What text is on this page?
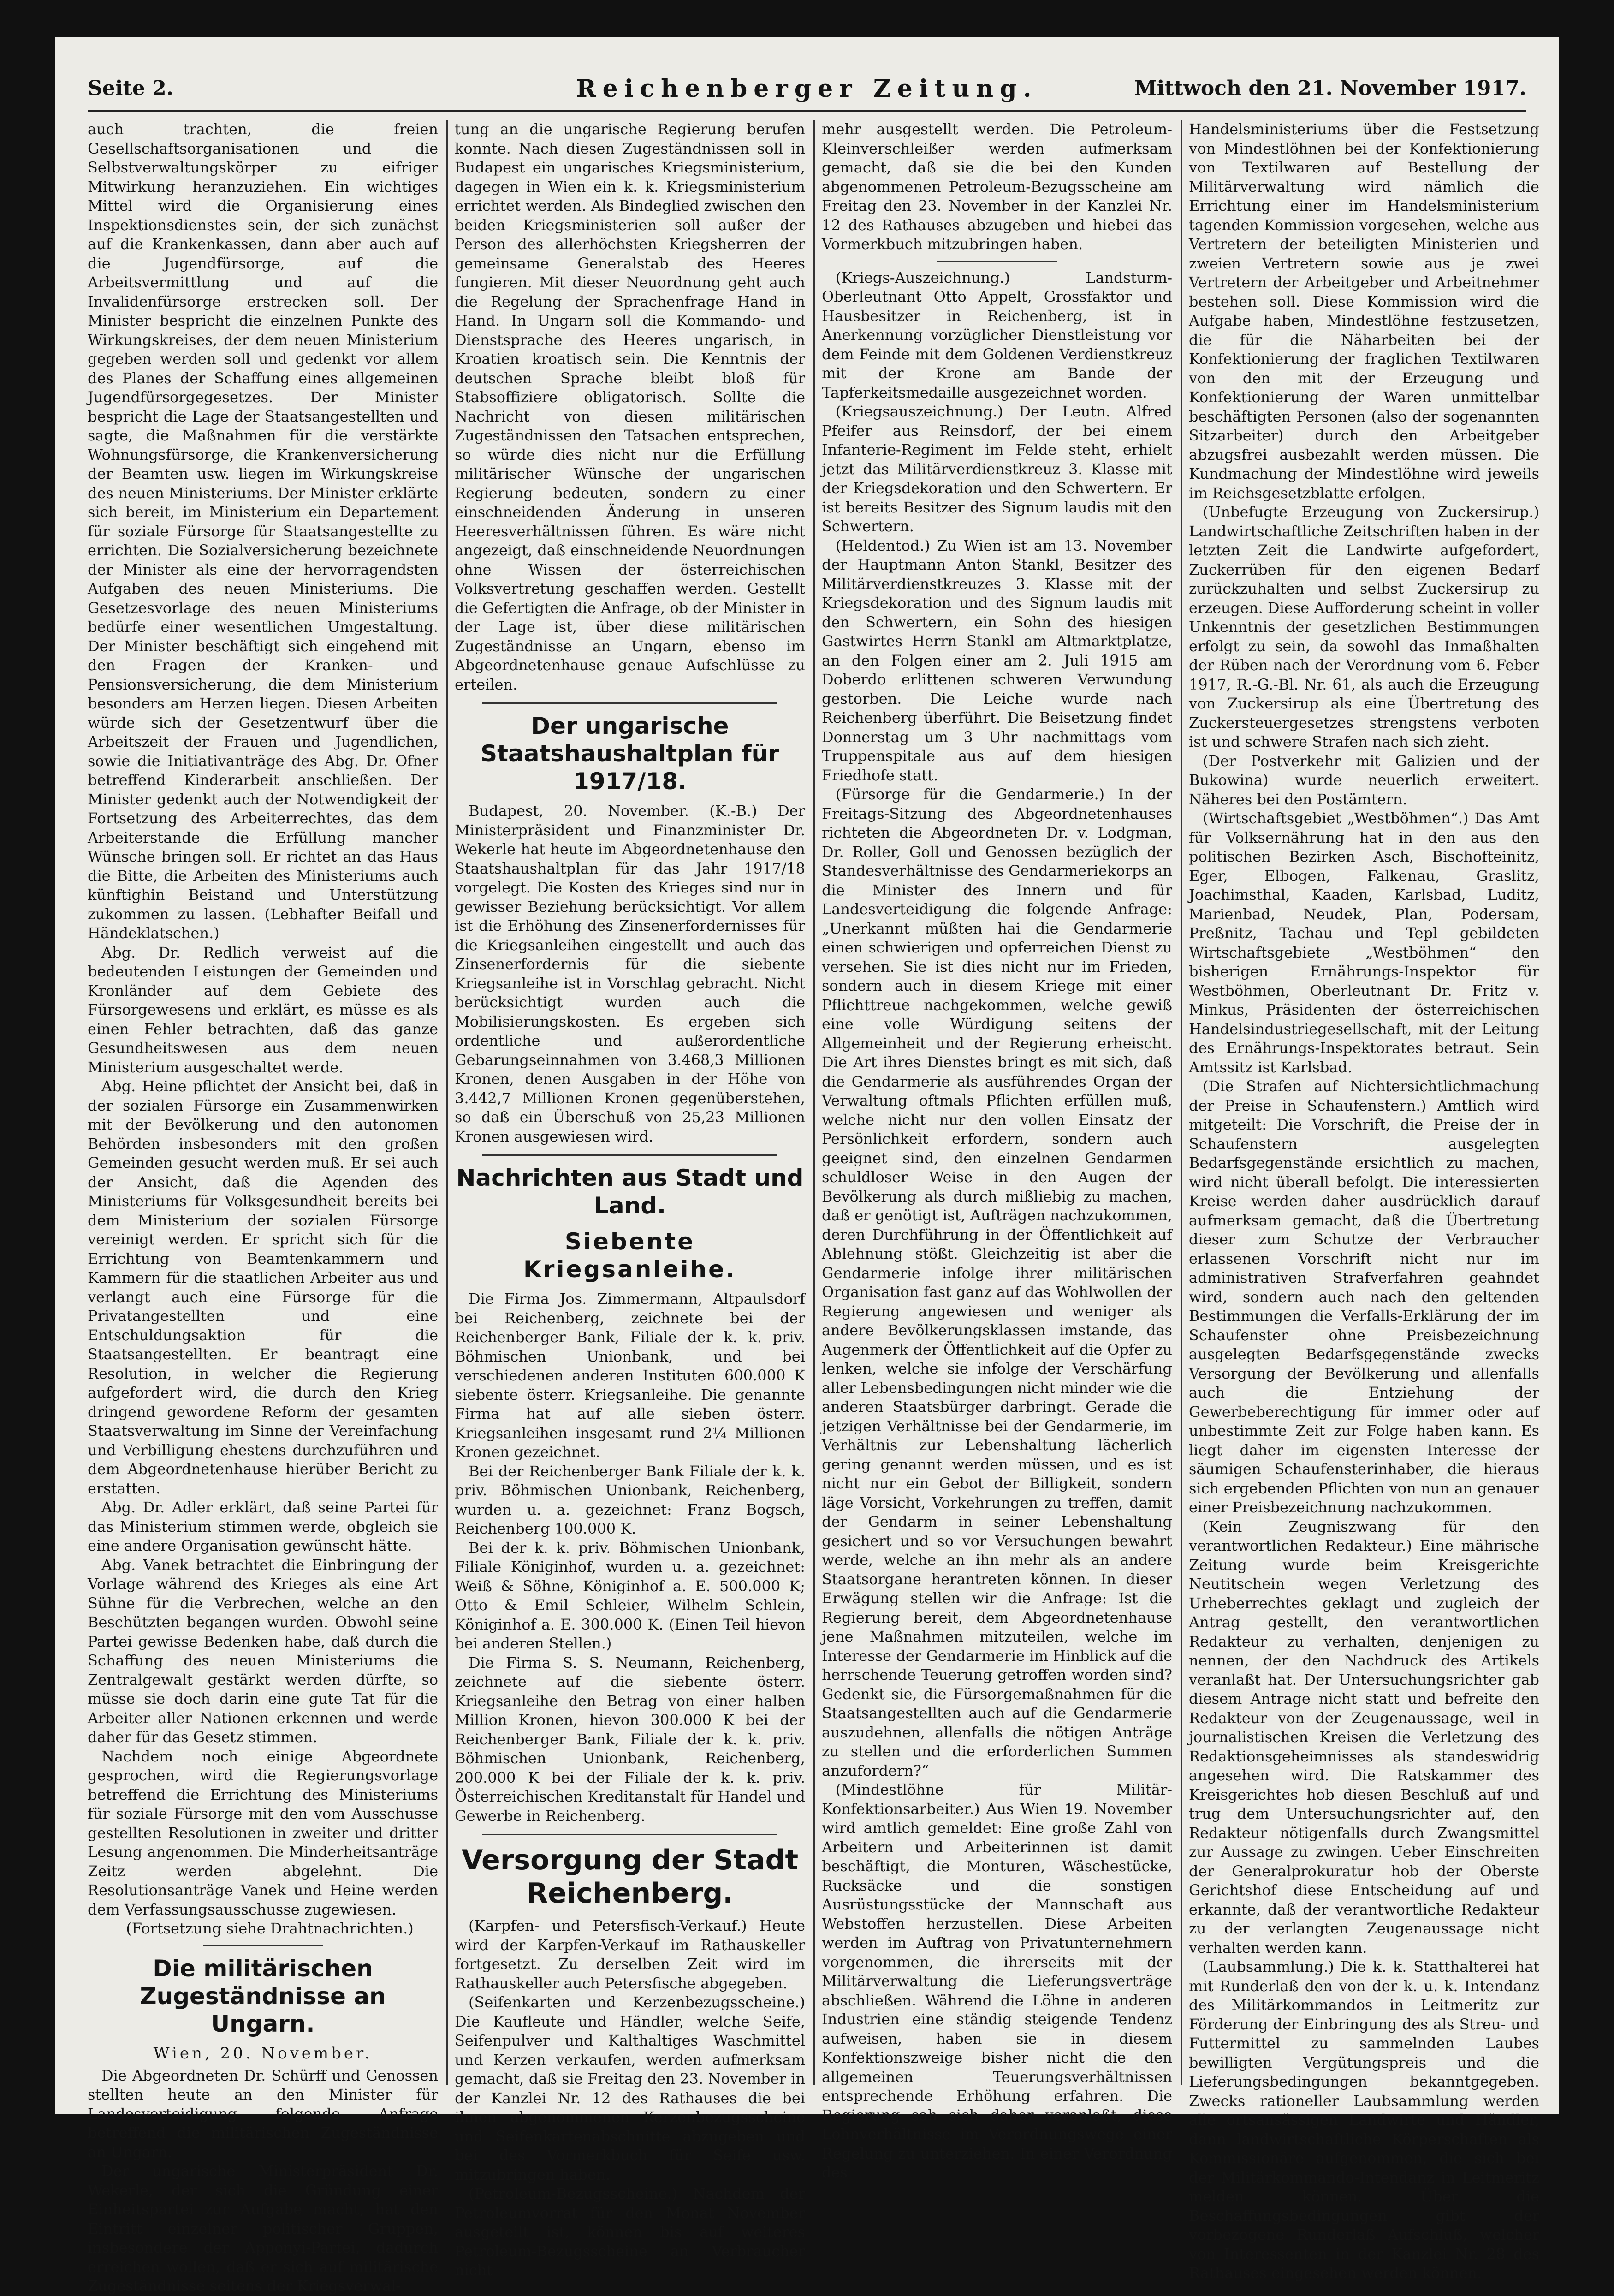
Seite 2.	Reichenberger Zeitung.	Mittwoch den 21. November 1917.

auch trachten, die freien Gesellschaftsorganisationen und die Selbstverwaltungskörper zu eifriger Mitwirkung heranzuziehen. Ein wichtiges Mittel wird die Organisierung eines Inspektionsdienstes sein, der sich zunächst auf die Krankenkassen, dann aber auch auf die Jugendfürsorge, auf die Arbeitsvermittlung und auf die Invalidenfürsorge erstrecken soll. Der Minister bespricht die einzelnen Punkte des Wirkungskreises, der dem neuen Ministerium gegeben werden soll und gedenkt vor allem des Planes der Schaffung eines allgemeinen Jugendfürsorgegesetzes. Der Minister bespricht die Lage der Staatsangestellten und sagte, die Maßnahmen für die verstärkte Wohnungsfürsorge, die Krankenversicherung der Beamten usw. liegen im Wirkungskreise des neuen Ministeriums. Der Minister erklärte sich bereit, im Ministerium ein Departement für soziale Fürsorge für Staatsangestellte zu errichten. Die Sozialversicherung bezeichnete der Minister als eine der hervorragendsten Aufgaben des neuen Ministeriums. Die Gesetzesvorlage des neuen Ministeriums bedürfe einer wesentlichen Umgestaltung. Der Minister beschäftigt sich eingehend mit den Fragen der Kranken- und Pensionsversicherung, die dem Ministerium besonders am Herzen liegen. Diesen Arbeiten würde sich der Gesetzentwurf über die Arbeitszeit der Frauen und Jugendlichen, sowie die Initiativanträge des Abg. Dr. Ofner betreffend Kinderarbeit anschließen. Der Minister gedenkt auch der Notwendigkeit der Fortsetzung des Arbeiterrechtes, das dem Arbeiterstande die Erfüllung mancher Wünsche bringen soll. Er richtet an das Haus die Bitte, die Arbeiten des Ministeriums auch künftighin Beistand und Unterstützung zukommen zu lassen. (Lebhafter Beifall und Händeklatschen.)

Abg. Dr. Redlich verweist auf die bedeutenden Leistungen der Gemeinden und Kronländer auf dem Gebiete des Fürsorgewesens und erklärt, es müsse es als einen Fehler betrachten, daß das ganze Gesundheitswesen aus dem neuen Ministerium ausgeschaltet werde.

Abg. Heine pflichtet der Ansicht bei, daß in der sozialen Fürsorge ein Zusammenwirken mit der Bevölkerung und den autonomen Behörden insbesonders mit den großen Gemeinden gesucht werden muß. Er sei auch der Ansicht, daß die Agenden des Ministeriums für Volksgesundheit bereits bei dem Ministerium der sozialen Fürsorge vereinigt werden. Er spricht sich für die Errichtung von Beamtenkammern und Kammern für die staatlichen Arbeiter aus und verlangt auch eine Fürsorge für die Privatangestellten und eine Entschuldungsaktion für die Staatsangestellten. Er beantragt eine Resolution, in welcher die Regierung aufgefordert wird, die durch den Krieg dringend gewordene Reform der gesamten Staatsverwaltung im Sinne der Vereinfachung und Verbilligung ehestens durchzuführen und dem Abgeordnetenhause hierüber Bericht zu erstatten.

Abg. Dr. Adler erklärt, daß seine Partei für das Ministerium stimmen werde, obgleich sie eine andere Organisation gewünscht hätte.

Abg. Vanek betrachtet die Einbringung der Vorlage während des Krieges als eine Art Sühne für die Verbrechen, welche an den Beschützten begangen wurden. Obwohl seine Partei gewisse Bedenken habe, daß durch die Schaffung des neuen Ministeriums die Zentralgewalt gestärkt werden dürfte, so müsse sie doch darin eine gute Tat für die Arbeiter aller Nationen erkennen und werde daher für das Gesetz stimmen.

Nachdem noch einige Abgeordnete gesprochen, wird die Regierungsvorlage betreffend die Errichtung des Ministeriums für soziale Fürsorge mit den vom Ausschusse gestellten Resolutionen in zweiter und dritter Lesung angenommen. Die Minderheitsanträge Zeitz werden abgelehnt. Die Resolutionsanträge Vanek und Heine werden dem Verfassungsausschusse zugewiesen.

(Fortsetzung siehe Drahtnachrichten.)

Die militärischen Zugeständnisse an Ungarn.
Wien, 20. November.

Die Abgeordneten Dr. Schürff und Genossen stellten heute an den Minister für Landesverteidigung folgende Anfrage betreffend die militärischen Zugeständnisse an Ungarn.

Der ungarische Ministerpräsident Dr. Wekerle, der sich die Gründung einer Einheitspartei zur Aufgabe macht, hat den Eintritt einzelner politischer Gruppen, insbesondere der Apponyi-Partei, dadurch erreichen wollen, daß er sich auf militärische Zugeständnisse seitens der Kriegsverwal-

tung an die ungarische Regierung berufen konnte. Nach diesen Zugeständnissen soll in Budapest ein ungarisches Kriegsministerium, dagegen in Wien ein k. k. Kriegsministerium errichtet werden. Als Bindeglied zwischen den beiden Kriegsministerien soll außer der Person des allerhöchsten Kriegsherren der gemeinsame Generalstab des Heeres fungieren. Mit dieser Neuordnung geht auch die Regelung der Sprachenfrage Hand in Hand. In Ungarn soll die Kommando- und Dienstsprache des Heeres ungarisch, in Kroatien kroatisch sein. Die Kenntnis der deutschen Sprache bleibt bloß für Stabsoffiziere obligatorisch. Sollte die Nachricht von diesen militärischen Zugeständnissen den Tatsachen entsprechen, so würde dies nicht nur die Erfüllung militärischer Wünsche der ungarischen Regierung bedeuten, sondern zu einer einschneidenden Änderung in unseren Heeresverhältnissen führen. Es wäre nicht angezeigt, daß einschneidende Neuordnungen ohne Wissen der österreichischen Volksvertretung geschaffen werden. Gestellt die Gefertigten die Anfrage, ob der Minister in der Lage ist, über diese militärischen Zugeständnisse an Ungarn, ebenso im Abgeordnetenhause genaue Aufschlüsse zu erteilen.

Der ungarische Staatshaushaltplan für 1917/18.

Budapest, 20. November. (K.-B.) Der Ministerpräsident und Finanzminister Dr. Wekerle hat heute im Abgeordnetenhause den Staatshaushaltplan für das Jahr 1917/18 vorgelegt. Die Kosten des Krieges sind nur in gewisser Beziehung berücksichtigt. Vor allem ist die Erhöhung des Zinsenerfordernisses für die Kriegsanleihen eingestellt und auch das Zinsenerfordernis für die siebente Kriegsanleihe ist in Vorschlag gebracht. Nicht berücksichtigt wurden auch die Mobilisierungskosten. Es ergeben sich ordentliche und außerordentliche Gebarungseinnahmen von 3.468,3 Millionen Kronen, denen Ausgaben in der Höhe von 3.442,7 Millionen Kronen gegenüberstehen, so daß ein Überschuß von 25,23 Millionen Kronen ausgewiesen wird.

Nachrichten aus Stadt und Land.
Siebente Kriegsanleihe.

Die Firma Jos. Zimmermann, Altpaulsdorf bei Reichenberg, zeichnete bei der Reichenberger Bank, Filiale der k. k. priv. Böhmischen Unionbank, und bei verschiedenen anderen Instituten 600.000 K siebente österr. Kriegsanleihe. Die genannte Firma hat auf alle sieben österr. Kriegsanleihen insgesamt rund 2¼ Millionen Kronen gezeichnet.

Bei der Reichenberger Bank Filiale der k. k. priv. Böhmischen Unionbank, Reichenberg, wurden u. a. gezeichnet: Franz Bogsch, Reichenberg 100.000 K.

Bei der k. k. priv. Böhmischen Unionbank, Filiale Königinhof, wurden u. a. gezeichnet: Weiß & Söhne, Königinhof a. E. 500.000 K; Otto & Emil Schleier, Wilhelm Schlein, Königinhof a. E. 300.000 K. (Einen Teil hievon bei anderen Stellen.)

Die Firma S. S. Neumann, Reichenberg, zeichnete auf die siebente österr. Kriegsanleihe den Betrag von einer halben Million Kronen, hievon 300.000 K bei der Reichenberger Bank, Filiale der k. k. priv. Böhmischen Unionbank, Reichenberg, 200.000 K bei der Filiale der k. k. priv. Österreichischen Kreditanstalt für Handel und Gewerbe in Reichenberg.

Versorgung der Stadt Reichenberg.

(Karpfen- und Petersfisch-Verkauf.) Heute wird der Karpfen-Verkauf im Rathauskeller fortgesetzt. Zu derselben Zeit wird im Rathauskeller auch Petersfische abgegeben.

(Seifenkarten und Kerzenbezugsscheine.) Die Kaufleute und Händler, welche Seife, Seifenpulver und Kalthaltiges Waschmittel und Kerzen verkaufen, werden aufmerksam gemacht, daß sie Freitag den 23. November in der Kanzlei Nr. 12 des Rathauses die bei ihnen abgenommenen Kerzenbezugsscheine und Seifenkartenabschnitte abzugeben und bei des Vormerkbuch für Seife usw. mitzubringen haben.

(Petroleum-Bezugsscheine.) Nachdem der Petroleumvorrat für den Monat November ausgeteilt ist, können bis auf weiteres Petroleum-Bezugsscheine an Verbraucher nicht

mehr ausgestellt werden. Die Petroleum-Kleinverschleißer werden aufmerksam gemacht, daß sie die bei den Kunden abgenommenen Petroleum-Bezugsscheine am Freitag den 23. November in der Kanzlei Nr. 12 des Rathauses abzugeben und hiebei das Vormerkbuch mitzubringen haben.

(Kriegs-Auszeichnung.) Landsturm-Oberleutnant Otto Appelt, Grossfaktor und Hausbesitzer in Reichenberg, ist in Anerkennung vorzüglicher Dienstleistung vor dem Feinde mit dem Goldenen Verdienstkreuz mit der Krone am Bande der Tapferkeitsmedaille ausgezeichnet worden.

(Kriegsauszeichnung.) Der Leutn. Alfred Pfeifer aus Reinsdorf, der bei einem Infanterie-Regiment im Felde steht, erhielt jetzt das Militärverdienstkreuz 3. Klasse mit der Kriegsdekoration und den Schwertern. Er ist bereits Besitzer des Signum laudis mit den Schwertern.

(Heldentod.) Zu Wien ist am 13. November der Hauptmann Anton Stankl, Besitzer des Militärverdienstkreuzes 3. Klasse mit der Kriegsdekoration und des Signum laudis mit den Schwertern, ein Sohn des hiesigen Gastwirtes Herrn Stankl am Altmarktplatze, an den Folgen einer am 2. Juli 1915 am Doberdo erlittenen schweren Verwundung gestorben. Die Leiche wurde nach Reichenberg überführt. Die Beisetzung findet Donnerstag um 3 Uhr nachmittags vom Truppenspitale aus auf dem hiesigen Friedhofe statt.

(Fürsorge für die Gendarmerie.) In der Freitags-Sitzung des Abgeordnetenhauses richteten die Abgeordneten Dr. v. Lodgman, Dr. Roller, Goll und Genossen bezüglich der Standesverhältnisse des Gendarmeriekorps an die Minister des Innern und für Landesverteidigung die folgende Anfrage: „Unerkannt müßten hai die Gendarmerie einen schwierigen und opferreichen Dienst zu versehen. Sie ist dies nicht nur im Frieden, sondern auch in diesem Kriege mit einer Pflichttreue nachgekommen, welche gewiß eine volle Würdigung seitens der Allgemeinheit und der Regierung erheischt. Die Art ihres Dienstes bringt es mit sich, daß die Gendarmerie als ausführendes Organ der Verwaltung oftmals Pflichten erfüllen muß, welche nicht nur den vollen Einsatz der Persönlichkeit erfordern, sondern auch geeignet sind, den einzelnen Gendarmen schuldloser Weise in den Augen der Bevölkerung als durch mißliebig zu machen, daß er genötigt ist, Aufträgen nachzukommen, deren Durchführung in der Öffentlichkeit auf Ablehnung stößt. Gleichzeitig ist aber die Gendarmerie infolge ihrer militärischen Organisation fast ganz auf das Wohlwollen der Regierung angewiesen und weniger als andere Bevölkerungsklassen imstande, das Augenmerk der Öffentlichkeit auf die Opfer zu lenken, welche sie infolge der Verschärfung aller Lebensbedingungen nicht minder wie die anderen Staatsbürger darbringt. Gerade die jetzigen Verhältnisse bei der Gendarmerie, im Verhältnis zur Lebenshaltung lächerlich gering genannt werden müssen, und es ist nicht nur ein Gebot der Billigkeit, sondern läge Vorsicht, Vorkehrungen zu treffen, damit der Gendarm in seiner Lebenshaltung gesichert und so vor Versuchungen bewahrt werde, welche an ihn mehr als an andere Staatsorgane herantreten können. In dieser Erwägung stellen wir die Anfrage: Ist die Regierung bereit, dem Abgeordnetenhause jene Maßnahmen mitzuteilen, welche im Interesse der Gendarmerie im Hinblick auf die herrschende Teuerung getroffen worden sind? Gedenkt sie, die Fürsorgemaßnahmen für die Staatsangestellten auch auf die Gendarmerie auszudehnen, allenfalls die nötigen Anträge zu stellen und die erforderlichen Summen anzufordern?“

(Mindestlöhne für Militär-Konfektionsarbeiter.) Aus Wien 19. November wird amtlich gemeldet: Eine große Zahl von Arbeitern und Arbeiterinnen ist damit beschäftigt, die Monturen, Wäschestücke, Rucksäcke und die sonstigen Ausrüstungsstücke der Mannschaft aus Webstoffen herzustellen. Diese Arbeiten werden im Auftrag von Privatunternehmern vorgenommen, die ihrerseits mit der Militärverwaltung die Lieferungsverträge abschließen. Während die Löhne in anderen Industrien eine ständig steigende Tendenz aufweisen, haben sie in diesem Konfektionszweige bisher nicht die den allgemeinen Teuerungsverhältnissen entsprechende Erhöhung erfahren. Die Regierung sah sich daher veranlaßt, diese Lohnverhältnisse im Verordnungswege einer Regelung zu unterziehen. In einer Verordnung des

Handelsministeriums über die Festsetzung von Mindestlöhnen bei der Konfektionierung von Textilwaren auf Bestellung der Militärverwaltung wird nämlich die Errichtung einer im Handelsministerium tagenden Kommission vorgesehen, welche aus Vertretern der beteiligten Ministerien und zweien Vertretern sowie aus je zwei Vertretern der Arbeitgeber und Arbeitnehmer bestehen soll. Diese Kommission wird die Aufgabe haben, Mindestlöhne festzusetzen, die für die Näharbeiten bei der Konfektionierung der fraglichen Textilwaren von den mit der Erzeugung und Konfektionierung der Waren unmittelbar beschäftigten Personen (also der sogenannten Sitzarbeiter) durch den Arbeitgeber abzugsfrei ausbezahlt werden müssen. Die Kundmachung der Mindestlöhne wird jeweils im Reichsgesetzblatte erfolgen.

(Unbefugte Erzeugung von Zuckersirup.) Landwirtschaftliche Zeitschriften haben in der letzten Zeit die Landwirte aufgefordert, Zuckerrüben für den eigenen Bedarf zurückzuhalten und selbst Zuckersirup zu erzeugen. Diese Aufforderung scheint in voller Unkenntnis der gesetzlichen Bestimmungen erfolgt zu sein, da sowohl das Inmaßhalten der Rüben nach der Verordnung vom 6. Feber 1917, R.-G.-Bl. Nr. 61, als auch die Erzeugung von Zuckersirup als eine Übertretung des Zuckersteuergesetzes strengstens verboten ist und schwere Strafen nach sich zieht.

(Der Postverkehr mit Galizien und der Bukowina) wurde neuerlich erweitert. Näheres bei den Postämtern.

(Wirtschaftsgebiet „Westböhmen“.) Das Amt für Volksernährung hat in den aus den politischen Bezirken Asch, Bischofteinitz, Eger, Elbogen, Falkenau, Graslitz, Joachimsthal, Kaaden, Karlsbad, Luditz, Marienbad, Neudek, Plan, Podersam, Preßnitz, Tachau und Tepl gebildeten Wirtschaftsgebiete „Westböhmen“ den bisherigen Ernährungs-Inspektor für Westböhmen, Oberleutnant Dr. Fritz v. Minkus, Präsidenten der österreichischen Handelsindustriegesellschaft, mit der Leitung des Ernährungs-Inspektorates betraut. Sein Amtssitz ist Karlsbad.

(Die Strafen auf Nichtersichtlichmachung der Preise in Schaufenstern.) Amtlich wird mitgeteilt: Die Vorschrift, die Preise der in Schaufenstern ausgelegten Bedarfsgegenstände ersichtlich zu machen, wird nicht überall befolgt. Die interessierten Kreise werden daher ausdrücklich darauf aufmerksam gemacht, daß die Übertretung dieser zum Schutze der Verbraucher erlassenen Vorschrift nicht nur im administrativen Strafverfahren geahndet wird, sondern auch nach den geltenden Bestimmungen die Verfalls-Erklärung der im Schaufenster ohne Preisbezeichnung ausgelegten Bedarfsgegenstände zwecks Versorgung der Bevölkerung und allenfalls auch die Entziehung der Gewerbeberechtigung für immer oder auf unbestimmte Zeit zur Folge haben kann. Es liegt daher im eigensten Interesse der säumigen Schaufensterinhaber, die hieraus sich ergebenden Pflichten von nun an genauer einer Preisbezeichnung nachzukommen.

(Kein Zeugniszwang für den verantwortlichen Redakteur.) Eine mährische Zeitung wurde beim Kreisgerichte Neutitschein wegen Verletzung des Urheberrechtes geklagt und zugleich der Antrag gestellt, den verantwortlichen Redakteur zu verhalten, denjenigen zu nennen, der den Nachdruck des Artikels veranlaßt hat. Der Untersuchungsrichter gab diesem Antrage nicht statt und befreite den Redakteur von der Zeugenaussage, weil in journalistischen Kreisen die Verletzung des Redaktionsgeheimnisses als standeswidrig angesehen wird. Die Ratskammer des Kreisgerichtes hob diesen Beschluß auf und trug dem Untersuchungsrichter auf, den Redakteur nötigenfalls durch Zwangsmittel zur Aussage zu zwingen. Ueber Einschreiten der Generalprokuratur hob der Oberste Gerichtshof diese Entscheidung auf und erkannte, daß der verantwortliche Redakteur zu der verlangten Zeugenaussage nicht verhalten werden kann.

(Laubsammlung.) Die k. k. Statthalterei hat mit Runderlaß den von der k. u. k. Intendanz des Militärkommandos in Leitmeritz zur Förderung der Einbringung des als Streu- und Futtermittel zu sammelnden Laubes bewilligten Vergütungspreis und die Lieferungsbedingungen bekanntgegeben. Zwecks rationeller Laubsammlung werden alle ortsansässigen Landwirte und Händler, dann landwirtschaftliche Körperschaften als Kommissionäre aufgenommen, die sich bei der Militärkommando-Intendanz in Leitmeritz melden können. Über die Beschaffungsbedingungen gibt der vorbezogene Runderlaß Aufschluß, welcher von Interessenten in der Kanzlei Nr. 28 des Rathauses eingesehen werden können.
